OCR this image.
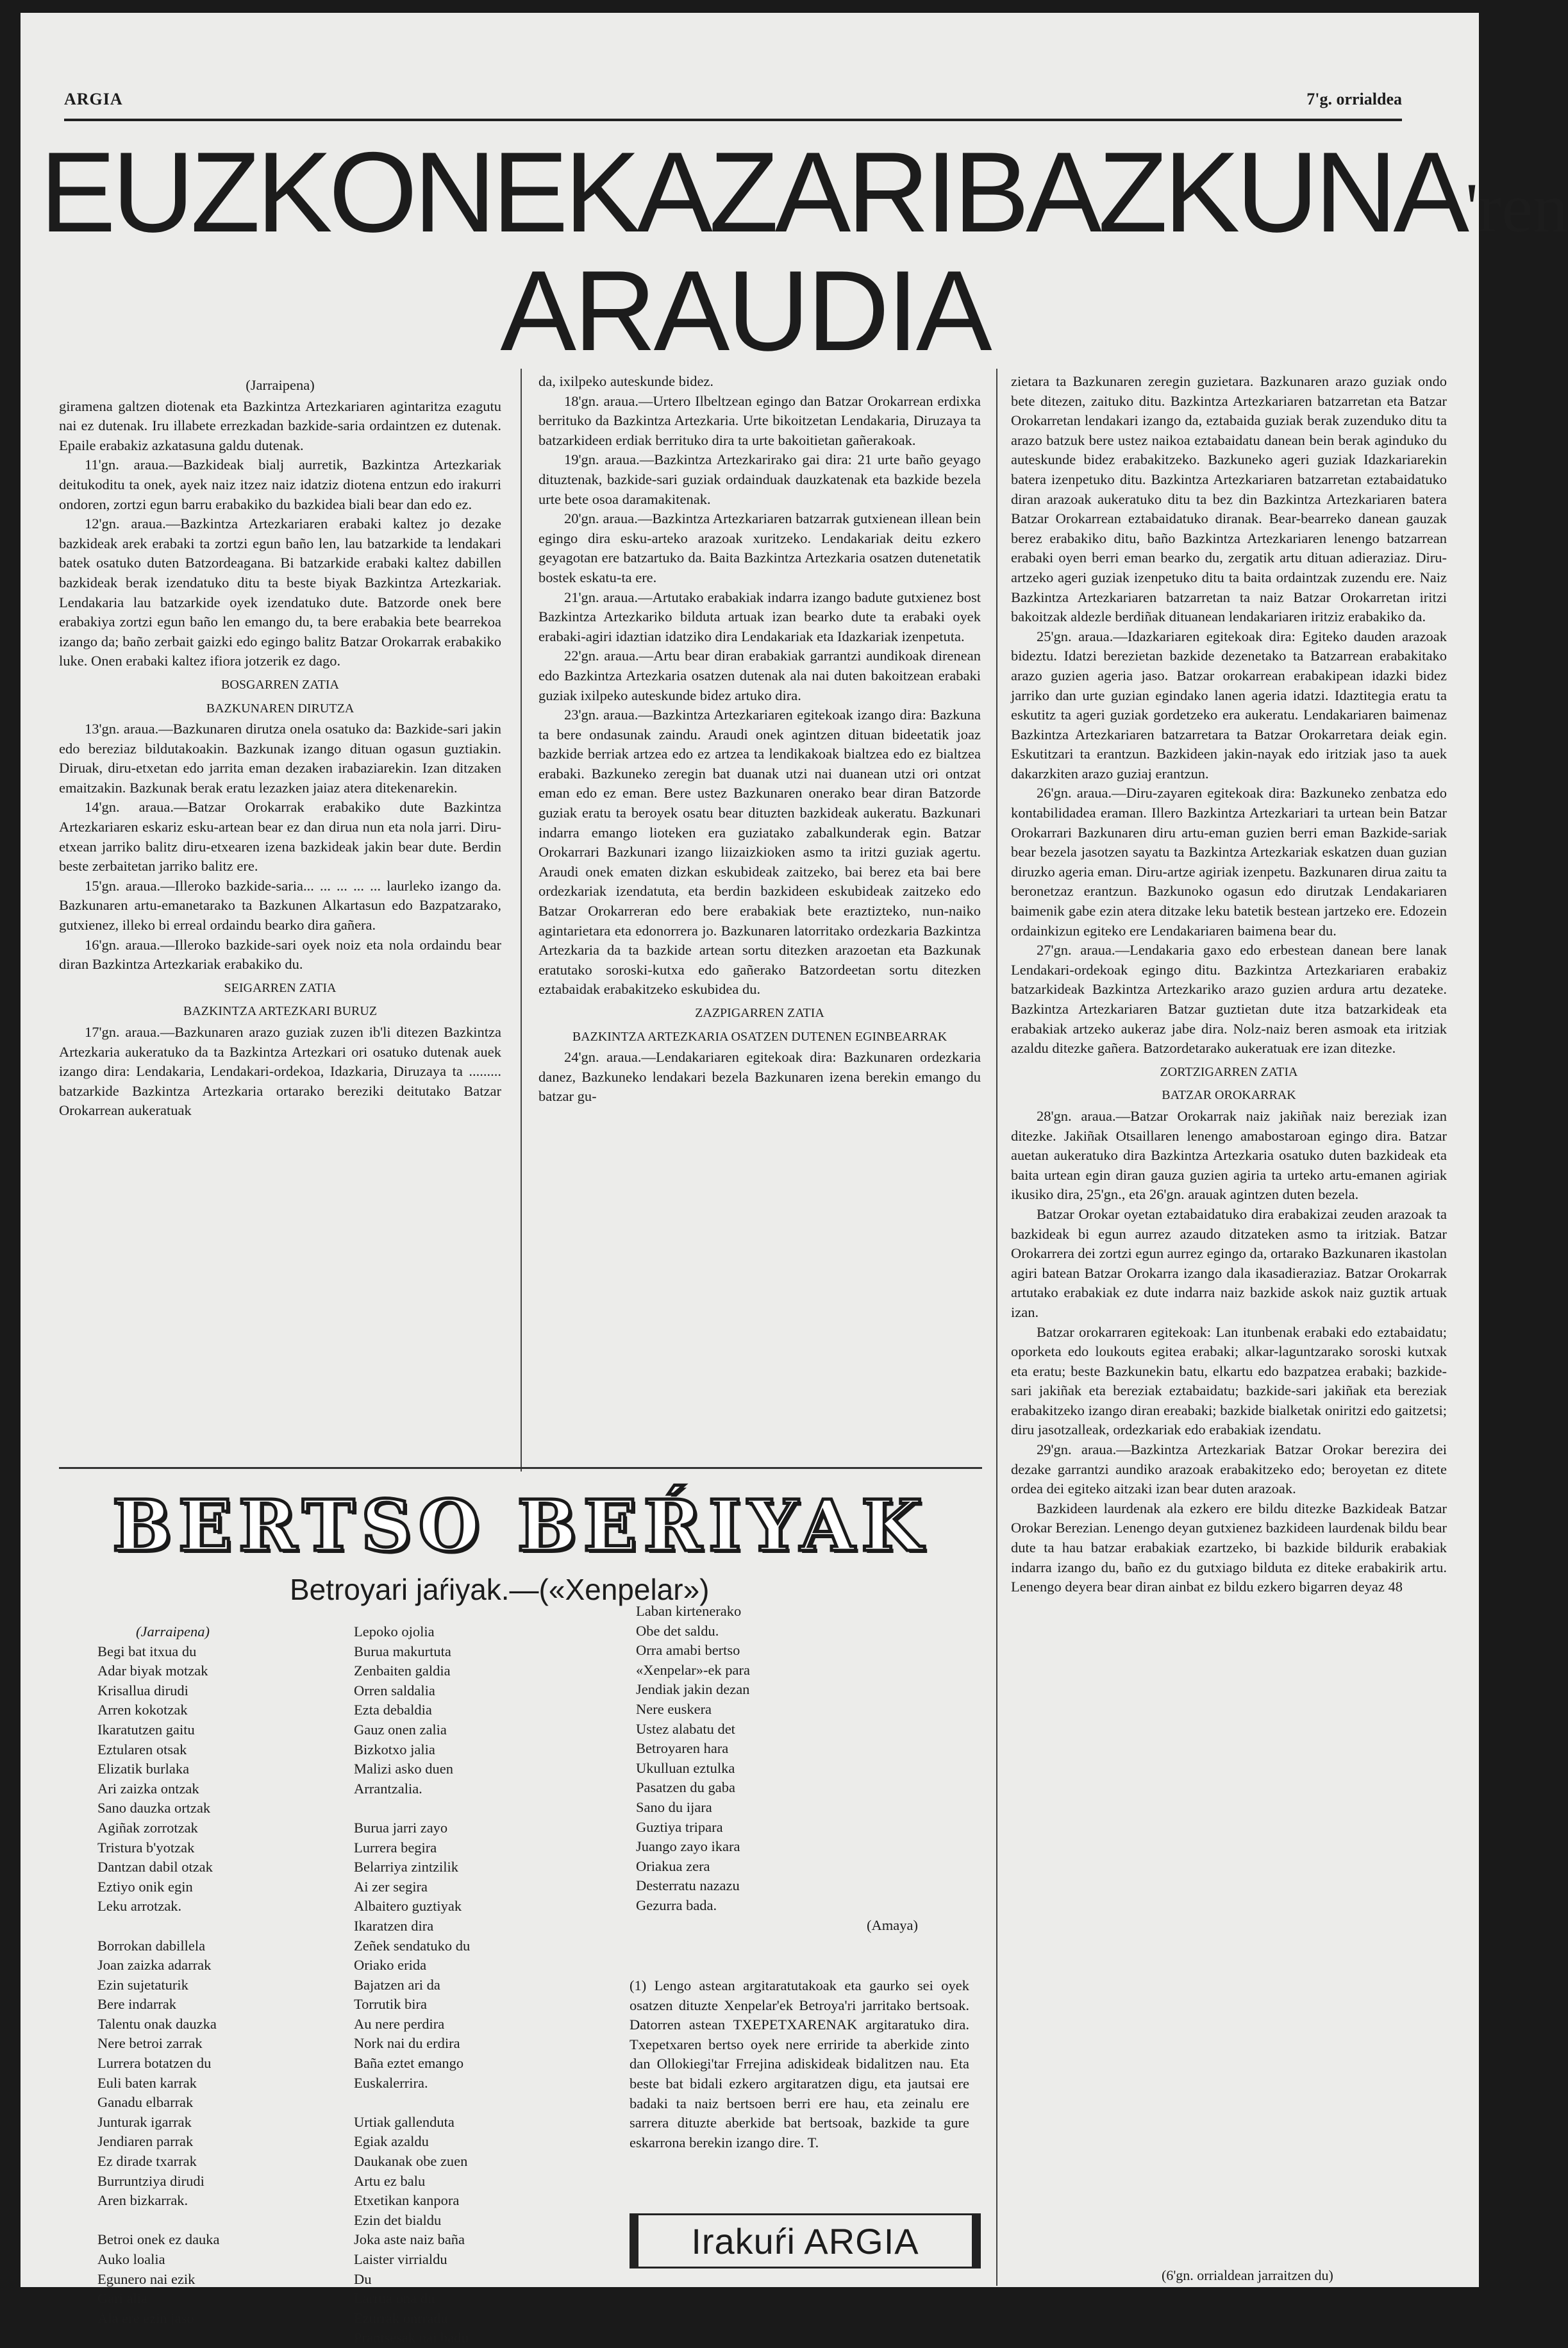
ARGIA	7'g. orrialdea
EUZKONEKAZARIBAZKUNA'ren
ARAUDIA

(Jarraipena)

giramena galtzen diotenak eta Bazkintza Artezkariaren agintaritza ezagutu nai ez dutenak. Iru illabete errezkadan bazkide-saria ordaintzen ez dutenak. Epaile erabakiz azkatasuna galdu dutenak.

11'gn. araua.—Bazkideak bialj aurretik, Bazkintza Artezkariak deitukoditu ta onek, ayek naiz itzez naiz idatziz diotena entzun edo irakurri ondoren, zortzi egun barru erabakiko du bazkidea biali bear dan edo ez.

12'gn. araua.—Bazkintza Artezkariaren erabaki kaltez jo dezake bazkideak arek erabaki ta zortzi egun baño len, lau batzarkide ta lendakari batek osatuko duten Batzordeagana. Bi batzarkide erabaki kaltez dabillen bazkideak berak izendatuko ditu ta beste biyak Bazkintza Artezkariak. Lendakaria lau batzarkide oyek izendatuko dute. Batzorde onek bere erabakiya zortzi egun baño len emango du, ta bere erabakia bete bearrekoa izango da; baño zerbait gaizki edo egingo balitz Batzar Orokarrak erabakiko luke. Onen erabaki kaltez ifiora jotzerik ez dago.

BOSGARREN ZATIA

BAZKUNAREN DIRUTZA

13'gn. araua.—Bazkunaren dirutza onela osatuko da: Bazkide-sari jakin edo bereziaz bildutakoakin. Bazkunak izango dituan ogasun guztiakin. Diruak, diru-etxetan edo jarrita eman dezaken irabaziarekin. Izan ditzaken emaitzakin. Bazkunak berak eratu lezazken jaiaz atera ditekenarekin.

14'gn. araua.—Batzar Orokarrak erabakiko dute Bazkintza Artezkariaren eskariz esku-artean bear ez dan dirua nun eta nola jarri. Diru-etxean jarriko balitz diru-etxearen izena bazkideak jakin bear dute. Berdin beste zerbaitetan jarriko balitz ere.

15'gn. araua.—Illeroko bazkide-saria... ... ... ... ... laurleko izango da. Bazkunaren artu-emanetarako ta Bazkunen Alkartasun edo Bazpatzarako, gutxienez, illeko bi erreal ordaindu bearko dira gañera.

16'gn. araua.—Illeroko bazkide-sari oyek noiz eta nola ordaindu bear diran Bazkintza Artezkariak erabakiko du.

SEIGARREN ZATIA

BAZKINTZA ARTEZKARI BURUZ

17'gn. araua.—Bazkunaren arazo guziak zuzen ib'li ditezen Bazkintza Artezkaria aukeratuko da ta Bazkintza Artezkari ori osatuko dutenak auek izango dira: Lendakaria, Lendakari-ordekoa, Idazkaria, Diruzaya ta ......... batzarkide Bazkintza Artezkaria ortarako bereziki deitutako Batzar Orokarrean aukeratuak

da, ixilpeko auteskunde bidez.

18'gn. araua.—Urtero Ilbeltzean egingo dan Batzar Orokarrean erdixka berrituko da Bazkintza Artezkaria. Urte bikoitzetan Lendakaria, Diruzaya ta batzarkideen erdiak berrituko dira ta urte bakoitietan gañerakoak.

19'gn. araua.—Bazkintza Artezkarirako gai dira: 21 urte baño geyago dituztenak, bazkide-sari guziak ordainduak dauzkatenak eta bazkide bezela urte bete osoa daramakitenak.

20'gn. araua.—Bazkintza Artezkariaren batzarrak gutxienean illean bein egingo dira esku-arteko arazoak xuritzeko. Lendakariak deitu ezkero geyagotan ere batzartuko da. Baita Bazkintza Artezkaria osatzen dutenetatik bostek eskatu-ta ere.

21'gn. araua.—Artutako erabakiak indarra izango badute gutxienez bost Bazkintza Artezkariko bilduta artuak izan bearko dute ta erabaki oyek erabaki-agiri idaztian idatziko dira Lendakariak eta Idazkariak izenpetuta.

22'gn. araua.—Artu bear diran erabakiak garrantzi aundikoak direnean edo Bazkintza Artezkaria osatzen dutenak ala nai duten bakoitzean erabaki guziak ixilpeko auteskunde bidez artuko dira.

23'gn. araua.—Bazkintza Artezkariaren egitekoak izango dira: Bazkuna ta bere ondasunak zaindu. Araudi onek agintzen dituan bideetatik joaz bazkide berriak artzea edo ez artzea ta lendikakoak bialtzea edo ez bialtzea erabaki. Bazkuneko zeregin bat duanak utzi nai duanean utzi ori ontzat eman edo ez eman. Bere ustez Bazkunaren onerako bear diran Batzorde guziak eratu ta beroyek osatu bear dituzten bazkideak aukeratu. Bazkunari indarra emango lioteken era guziatako zabalkunderak egin. Batzar Orokarrari Bazkunari izango liizaizkioken asmo ta iritzi guziak agertu. Araudi onek ematen dizkan eskubideak zaitzeko, bai berez eta bai bere ordezkariak izendatuta, eta berdin bazkideen eskubideak zaitzeko edo Batzar Orokarreran edo bere erabakiak bete eraztizteko, nun-naiko agintarietara eta edonorrera jo. Bazkunaren latorritako ordezkaria Bazkintza Artezkaria da ta bazkide artean sortu ditezken arazoetan eta Bazkunak eratutako soroski-kutxa edo gañerako Batzordeetan sortu ditezken eztabaidak erabakitzeko eskubidea du.

ZAZPIGARREN ZATIA

BAZKINTZA ARTEZKARIA OSATZEN DUTENEN EGINBEARRAK

24'gn. araua.—Lendakariaren egitekoak dira: Bazkunaren ordezkaria danez, Bazkuneko lendakari bezela Bazkunaren izena berekin emango du batzar gu-

zietara ta Bazkunaren zeregin guzietara. Bazkunaren arazo guziak ondo bete ditezen, zaituko ditu. Bazkintza Artezkariaren batzarretan eta Batzar Orokarretan lendakari izango da, eztabaida guziak berak zuzenduko ditu ta arazo batzuk bere ustez naikoa eztabaidatu danean bein berak aginduko du auteskunde bidez erabakitzeko. Bazkuneko ageri guziak Idazkariarekin batera izenpetuko ditu. Bazkintza Artezkariaren batzarretan eztabaidatuko diran arazoak aukeratuko ditu ta bez din Bazkintza Artezkariaren batera Batzar Orokarrean eztabaidatuko diranak. Bear-bearreko danean gauzak berez erabakiko ditu, baño Bazkintza Artezkariaren lenengo batzarrean erabaki oyen berri eman bearko du, zergatik artu dituan adieraziaz. Diru-artzeko ageri guziak izenpetuko ditu ta baita ordaintzak zuzendu ere. Naiz Bazkintza Artezkariaren batzarretan ta naiz Batzar Orokarretan iritzi bakoitzak aldezle berdiñak dituanean lendakariaren iritziz erabakiko da.

25'gn. araua.—Idazkariaren egitekoak dira: Egiteko dauden arazoak bideztu. Idatzi berezietan bazkide dezenetako ta Batzarrean erabakitako arazo guzien ageria jaso. Batzar orokarrean erabakipean idazki bidez jarriko dan urte guzian egindako lanen ageria idatzi. Idaztitegia eratu ta eskutitz ta ageri guziak gordetzeko era aukeratu. Lendakariaren baimenaz Bazkintza Artezkariaren batzarretara ta Batzar Orokarretara deiak egin. Eskutitzari ta erantzun. Bazkideen jakin-nayak edo iritziak jaso ta auek dakarzkiten arazo guziaj erantzun.

26'gn. araua.—Diru-zayaren egitekoak dira: Bazkuneko zenbatza edo kontabilidadea eraman. Illero Bazkintza Artezkariari ta urtean bein Batzar Orokarrari Bazkunaren diru artu-eman guzien berri eman Bazkide-sariak bear bezela jasotzen sayatu ta Bazkintza Artezkariak eskatzen duan guzian diruzko ageria eman. Diru-artze agiriak izenpetu. Bazkunaren dirua zaitu ta beronetzaz erantzun. Bazkunoko ogasun edo dirutzak Lendakariaren baimenik gabe ezin atera ditzake leku batetik bestean jartzeko ere. Edozein ordainkizun egiteko ere Lendakariaren baimena bear du.

27'gn. araua.—Lendakaria gaxo edo erbestean danean bere lanak Lendakari-ordekoak egingo ditu. Bazkintza Artezkariaren erabakiz batzarkideak Bazkintza Artezkariko arazo guzien ardura artu dezateke. Bazkintza Artezkariaren Batzar guztietan dute itza batzarkideak eta erabakiak artzeko aukeraz jabe dira. Nolz-naiz beren asmoak eta iritziak azaldu ditezke gañera. Batzordetarako aukeratuak ere izan ditezke.

ZORTZIGARREN ZATIA

BATZAR OROKARRAK

28'gn. araua.—Batzar Orokarrak naiz jakiñak naiz bereziak izan ditezke. Jakiñak Otsaillaren lenengo amabostaroan egingo dira. Batzar auetan aukeratuko dira Bazkintza Artezkaria osatuko duten bazkideak eta baita urtean egin diran gauza guzien agiria ta urteko artu-emanen agiriak ikusiko dira, 25'gn., eta 26'gn. arauak agintzen duten bezela.

Batzar Orokar oyetan eztabaidatuko dira erabakizai zeuden arazoak ta bazkideak bi egun aurrez azaudo ditzateken asmo ta iritziak. Batzar Orokarrera dei zortzi egun aurrez egingo da, ortarako Bazkunaren ikastolan agiri batean Batzar Orokarra izango dala ikasadieraziaz. Batzar Orokarrak artutako erabakiak ez dute indarra naiz bazkide askok naiz guztik artuak izan.

Batzar orokarraren egitekoak: Lan itunbenak erabaki edo eztabaidatu; oporketa edo loukouts egitea erabaki; alkar-laguntzarako soroski kutxak eta eratu; beste Bazkunekin batu, elkartu edo bazpatzea erabaki; bazkide-sari jakiñak eta bereziak eztabaidatu; bazkide-sari jakiñak eta bereziak erabakitzeko izango diran ereabaki; bazkide bialketak oniritzi edo gaitzetsi; diru jasotzalleak, ordezkariak edo erabakiak izendatu.

29'gn. araua.—Bazkintza Artezkariak Batzar Orokar berezira dei dezake garrantzi aundiko arazoak erabakitzeko edo; beroyetan ez ditete ordea dei egiteko aitzaki izan bear duten arazoak.

Bazkideen laurdenak ala ezkero ere bildu ditezke Bazkideak Batzar Orokar Berezian. Lenengo deyan gutxienez bazkideen laurdenak bildu bear dute ta hau batzar erabakiak ezartzeko, bi bazkide bildurik erabakiak indarra izango du, baño ez du gutxiago bilduta ez diteke erabakirik artu. Lenengo deyera bear diran ainbat ez bildu ezkero bigarren deyaz 48

(6'gn. orrialdean jarraitzen du)
BERTSO BEŔIYAK
Betroyari jaŕiyak.—(«Xenpelar»)
(Jarraipena)
Begi bat itxua du
Adar biyak motzak
Krisallua dirudi
Arren kokotzak
Ikaratutzen gaitu
Eztularen otsak
Elizatik burlaka
Ari zaizka ontzak
Sano dauzka ortzak
Agiñak zorrotzak
Tristura b'yotzak
Dantzan dabil otzak
Eztiyo onik egin
Leku arrotzak.

Borrokan dabillela
Joan zaizka adarrak
Ezin sujetaturik
Bere indarrak
Talentu onak dauzka
Nere betroi zarrak
Lurrera botatzen du
Euli baten karrak
Ganadu elbarrak
Junturak igarrak
Jendiaren parrak
Ez dirade txarrak
Burruntziya dirudi
Aren bizkarrak.

Betroi onek ez dauka
Auko loalia
Egunero nai ezik
Gari alia
Ala ere ezin jaso
Lepoko ojolia
Burua makurtuta
Zenbaiten galdia
Orren saldalia
Ezta debaldia
Gauz onen zalia
Bizkotxo jalia
Malizi asko duen
Arrantzalia.

Burua jarri zayo
Lurrera begira
Belarriya zintzilik
Ai zer segira
Albaitero guztiyak
Ikaratzen dira
Zeñek sendatuko du
Oriako erida
Bajatzen ari da
Torrutik bira
Au nere perdira
Nork nai du erdira
Baña eztet emango
Euskalerrira.

Urtiak gallenduta
Egiak azaldu
Daukanak obe zuen
Artu ez balu
Etxetikan kanpora
Ezin det bialdu
Joka aste naiz baña
Laister virrialdu
Du
Larrua ona du
Ezurrak onrradu
Prantsesak nai badu
Laban kirtenerako
Obe det saldu.
Orra amabi bertso
«Xenpelar»-ek para
Jendiak jakin dezan
Nere euskera
Ustez alabatu det
Betroyaren hara
Ukulluan eztulka
Pasatzen du gaba
Sano du ijara
Guztiya tripara
Juango zayo ikara
Oriakua zera
Desterratu nazazu
Gezurra bada.
(Amaya)

(1) Lengo astean argitaratutakoak eta gaurko sei oyek osatzen dituzte Xenpelar'ek Betroya'ri jarritako bertsoak. Datorren astean TXEPETXARENAK argitaratuko dira. Txepetxaren bertso oyek nere erriride ta aberkide zinto dan Ollokiegi'tar Frrejina adiskideak bidalitzen nau. Eta beste bat bidali ezkero argitaratzen digu, eta jautsai ere badaki ta naiz bertsoen berri ere hau, eta zeinalu ere sarrera dituzte aberkide bat bertsoak, bazkide ta gure eskarrona berekin izango dire. T.

Irakuŕi ARGIA
